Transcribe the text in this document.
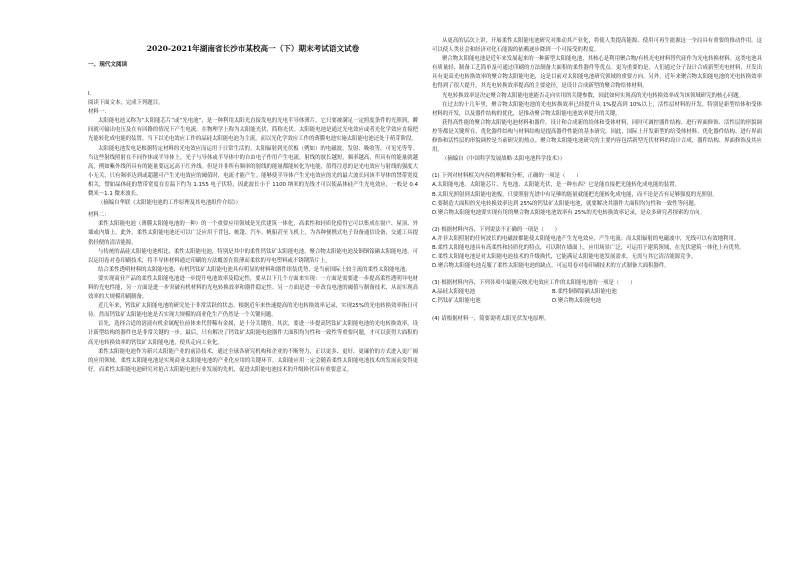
2020-2021年湖南省长沙市某校高一（下）期末考试语文试卷
一、现代文阅读

I.

阅读下面文本，完成下列题目。

材料一：

太阳能电池又称为“太阳能芯片”或“光电池”，是一种利用太阳光直接发电的光电半导体薄片。它只要被满足一定照度条件的光照到，瞬间就可输出电压及在有回路的情况下产生电流。在物理学上称为太阳能光伏，简称光伏。太阳能电池是通过光电效应或者光化学效应直接把光能转化成电能的装置。当下以光电效应工作的晶硅太阳能电池为主流，而以光化学效应工作的薄膜电池实施太阳能电池还处于萌芽阶段。

太阳能电池发电是根据特定材料的光电效应而运用于日常生活的。太阳辐射到光伏板（例如）的电磁波，发射、吸收等，可见光等等。当这些射线照射在不同作体或半导体上，光子与导体或半导体中的自由电子作用产生电流。射线的波长越短，频率越高，所具有的能量就越高，例如紫外线所具有的能量要远远高于红外线。但是并非所有频率的射线的能量都能转化为电能，值得注意的是光电效应与射线的强度大小无关，只有频率达到或超越可产生光电效应的阈值时，电流才能产生。能够使半导体产生光电效应的光的最大波长同该半导体的禁带宽度相关，譬如晶体硅的禁带宽度在室温下约为 1.155 电子伏特，因此波长小于 1100 纳米的光线才可以使晶体硅产生光电效应，一般是 0.4 微米～1.1 微米波长。

（摘编自华联《太阳能电池的工作原理及其电池组件介绍》）

材料二：

柔性太阳能电池（薄膜太阳能电池的一种）的一个重要应用领域是光伏建筑一体化，高柔性和轻质化使得它可以集成在窗户、屋顶、外墙或内墙上。此外，柔性太阳能电池还可以广泛应用于背包、帐篷、汽车、帆船甚至飞机上，为各种便携式电子设备通信设备、交通工具提供轻便的清洁能源。

与传统的晶硅太阳能电池相比，柔性太阳能电池，特别是其中的柔性钙钛矿太阳能电池、聚合物太阳能电池及铜铟镓硒太阳能电池，可以运用卷对卷印刷技术，将半导体材料通过印刷的方法覆盖在很薄而柔软的导电塑料或不锈钢箔片上。

结合柔性透明材料的太阳能电池、有机钙钛矿太阳能电池具有明显的材料和器件组装优势，是当前国际上较主流的柔性太阳能电池。

要实现商业产品的柔性太阳能电池进一步提升电池效率及稳定性，要从以下几个方面来实现：一方面是需要进一步提高柔性透明导电材料的光电性能，另一方面是进一步突破有机材料的光电转换效率和器件稳定性。另一方面是进一步改良电池的阈值与制备技术，从而实现高效率的大规模印刷制备。

近几年来，钙钛矿太阳能电池的研究处于非常活跃的状态。根据近年来快速提高的光电转换效率记录，实现25%的光电转换效率指日可待。然而钙钛矿太阳能电池是否实现大规模的商业化生产仍然是一个关键问题。

首先，选择合适的溶液有机金属配位前体来代替稀有金属，是十分关键的。其次，要进一步提高钙钛矿太阳能电池的光电转换效率，设计新型结构的器件也是非常关键的一步。最后，只有解决了钙钛矿太阳能电池器件大面积均匀性和一致性等重要问题，才可以获得大面积的高光电转换效率的钙钛矿太阳能电池，使其走向工业化。

柔性太阳能电池作为新兴太阳能产业的前沿技术，通过全球各研究机构和企业的不断努力，正以更多、更好、更廉价的方式进入更广阔的应用领域。柔性太阳能电池是实现商业太阳能电池的产业化应用的关键环节。太阳能应用一定会随着柔性太阳能电池技术的发展而变得更好。而柔性太阳能电池研究对抢占太阳能电池行业发展的先机，促进太阳能电池技术的升级换代具有重要意义。

从更高的层次上讲，开展柔性太阳能电池研究对推动其产业化，将使人类提高能源、使用可再生能源这一全局具有重要的推动作用。这可以使人类社会和经济对化石能源的依赖逐步降到一个可接受的程度。

聚合物太阳能电池是近年来发展起来的一种新型太阳能电池，其核心是利用聚合物/有机光电材料替代硅作为光电转换材料。这类电池具有质量轻、制备工艺简单及可通过印刷的方法制备大面积的柔性器件等优点。更为重要的是，人们通过分子设计合成新型光电材料，开发出具有更高光电转换效率的聚合物太阳能电池，这是目前对太阳能电池研究领域的重要方向。另外，近年来聚合物太阳能电池的光电转换效率也得到了很大提升，其光电转换效率提高的主要途径，是设计合成新型的聚合物给体材料。

光电转换效率是决定聚合物太阳能电池能否走向实用的关键参数，因此如何实现高的光电转换效率成为该领域研究的核心问题。

在过去的十几年里，聚合物太阳能电池的光电转换效率已经提升从 1%提高到 10%以上，活性层材料的开发，特别是新型给体和受体材料的开发，以及器件结构的优化，是推动聚合物太阳能电池效率提升的关键。

获得高性能的聚合物太阳能电池材料和器件，设计和合成新的给体和受体材料，同时可调控器件结构、进行界面修饰、活性层的形貌调控等都是关键所在。优化器件结构与材料结构是提高器件性能的基本研究。因此，国际上开发新型的给受体材料、优化器件结构、进行界面修饰和活性层的形貌调控是当前研究的热点。聚合物太阳能电池研究的主要内容包括新型光伏材料的设计合成、器件结构、界面修饰及其应用。

（摘编自《中国科学发展战略·太阳电池科学技术》）

(1) 下列对材料相关内容的理解和分析，正确的一项是（　　）

A.太阳能电池、太阳能芯片、光电池、太阳能光伏，是一种东西？它是能直接把光能转化成电能的装置。

B.太阳光照射到太阳能电池板，只要照射光谱中有足够的能量就能把光能转化成电能，而不论是否有足够强度的光照射。

C.要制造大面积的光电转换效率达到 25%的钙钛矿太阳能电池，就要解决其器件大面积均匀性和一致性等问题。

D.聚合物太阳能电池要实现有用的聚合物太阳能电池效率有 25%的光电转换效率记录，是众多研究者探索的方向。

(2) 根据材料内容，下列说法不正确的一项是（　　）

A.并非太阳照射的任何波长的电磁波都能使太阳能电池产生光电效应，产生电流；而太阳辐射的电磁波中，光线可以有效地利用。

B.柔性太阳能电池具有高柔性和轻质化的特点，可以附在墙面上，应用场景广泛，可运用于建筑领域，在光伏建筑一体化上有优势。

C.柔性太阳能电池是对太阳能电池技术的升级换代，它能满足太阳能电池发展需求，无需与其它清洁能源竞争。

D.聚合物太阳能电池克服了柔性太阳能电池的缺点，可运用卷对卷印刷技术的方式制备大面积器件。

(3) 根据材料内容，下列各项中最能反映光电效应工作的太阳能电池的一项是（　　）

A.晶硅太阳能电池	B.柔性铜铟镓硒太阳能电池
C.钙钛矿太阳能电池	D.聚合物太阳能电池

(4) 请根据材料一，简要说明太阳光伏发电原理。
